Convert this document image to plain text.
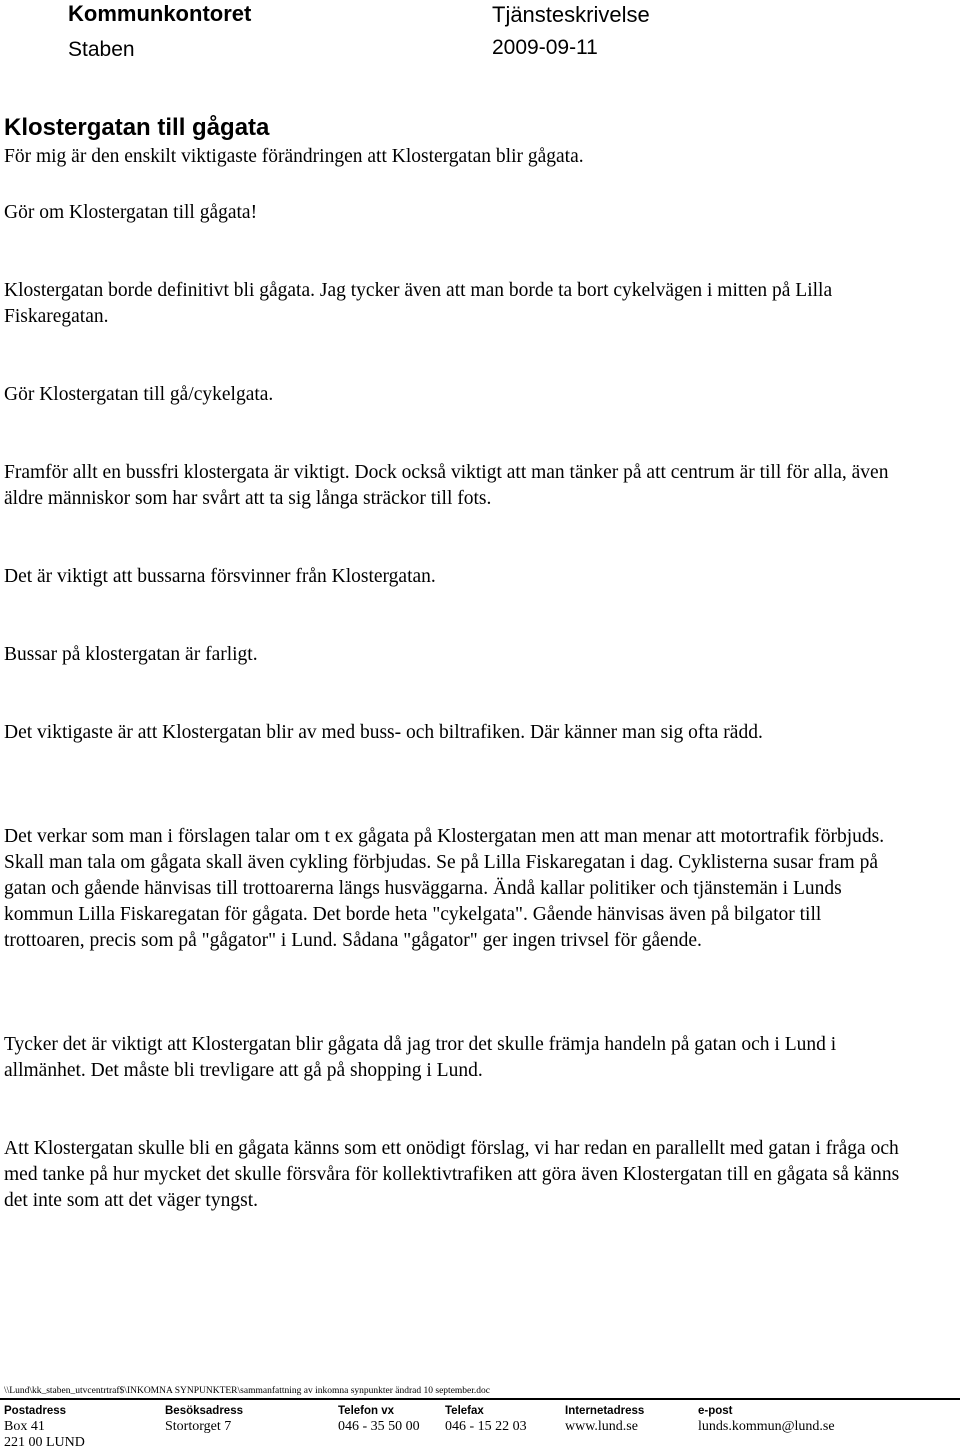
Kommunkontoret
Staben
Tjänsteskrivelse
2009-09-11
Klostergatan till gågata

För mig är den enskilt viktigaste förändringen att Klostergatan blir gågata.

Gör om Klostergatan till gågata!

Klostergatan borde definitivt bli gågata. Jag tycker även att man borde ta bort cykelvägen i mitten på Lilla Fiskaregatan.

Gör Klostergatan till gå/cykelgata.

Framför allt en bussfri klostergata är viktigt. Dock också viktigt att man tänker på att centrum är till för alla, även äldre människor som har svårt att ta sig långa sträckor till fots.

Det är viktigt att bussarna försvinner från Klostergatan.

Bussar på klostergatan är farligt.

Det viktigaste är att Klostergatan blir av med buss- och biltrafiken. Där känner man sig ofta rädd.

Det verkar som man i förslagen talar om t ex gågata på Klostergatan men att man menar att motortrafik förbjuds. Skall man tala om gågata skall även cykling förbjudas. Se på Lilla Fiskaregatan i dag. Cyklisterna susar fram på gatan och gående hänvisas till trottoarerna längs husväggarna. Ändå kallar politiker och tjänstemän i Lunds kommun Lilla Fiskaregatan för gågata. Det borde heta "cykelgata". Gående hänvisas även på bilgator till trottoaren, precis som på "gågator" i Lund. Sådana "gågator" ger ingen trivsel för gående.

Tycker det är viktigt att Klostergatan blir gågata då jag tror det skulle främja handeln på gatan och i Lund i allmänhet. Det måste bli trevligare att gå på shopping i Lund.

Att Klostergatan skulle bli en gågata känns som ett onödigt förslag, vi har redan en parallellt med gatan i fråga och med tanke på hur mycket det skulle försvåra för kollektivtrafiken att göra även Klostergatan till en gågata så känns det inte som att det väger tyngst.

\\Lund\kk_staben_utvcentrtraf$\INKOMNA SYNPUNKTER\sammanfattning av inkomna synpunkter ändrad 10 september.doc
Postadress
Box 41
221 00 LUND
Besöksadress
Stortorget 7
Telefon vx
046 - 35 50 00
Telefax
046 - 15 22 03
Internetadress
www.lund.se
e-post
lunds.kommun@lund.se
